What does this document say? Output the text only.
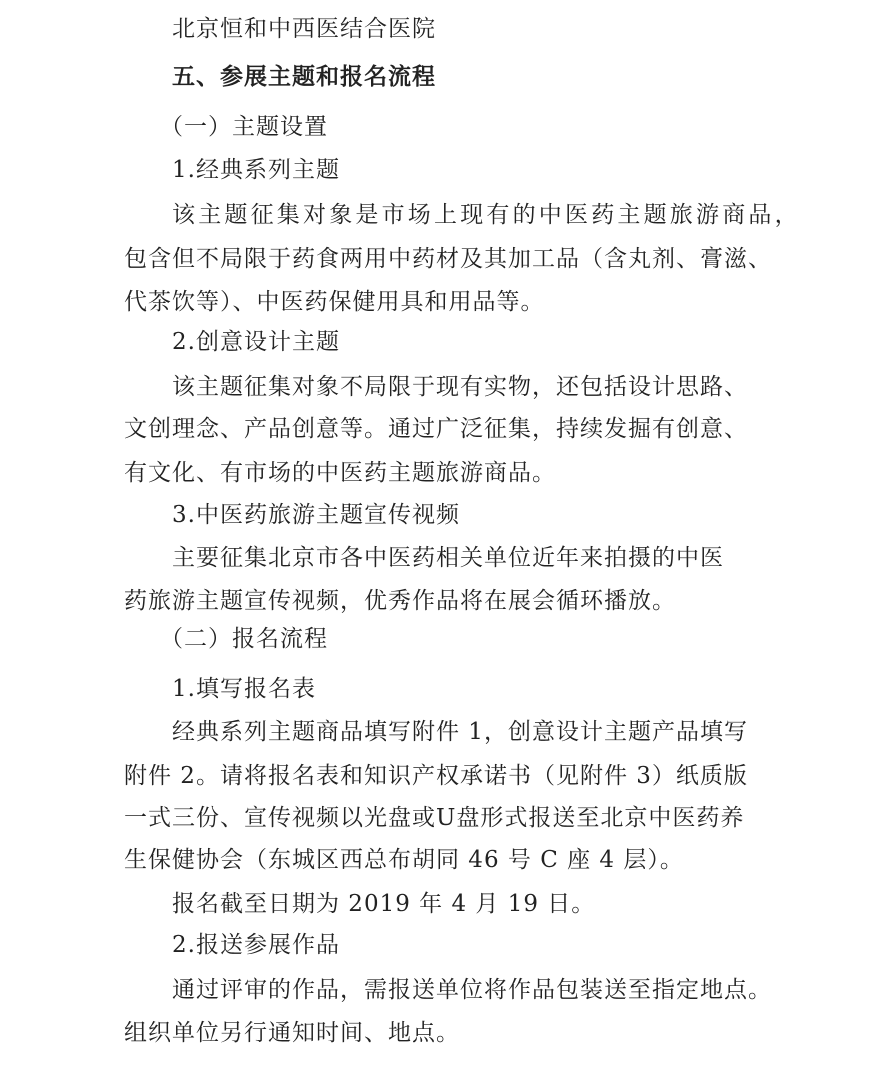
北京恒和中西医结合医院
五、参展主题和报名流程
（一）主题设置
1.经典系列主题
该主题征集对象是市场上现有的中医药主题旅游商品，
包含但不局限于药食两用中药材及其加工品（含丸剂、膏滋、
代茶饮等）、中医药保健用具和用品等。
2.创意设计主题
该主题征集对象不局限于现有实物，还包括设计思路、
文创理念、产品创意等。通过广泛征集，持续发掘有创意、
有文化、有市场的中医药主题旅游商品。
3.中医药旅游主题宣传视频
主要征集北京市各中医药相关单位近年来拍摄的中医
药旅游主题宣传视频，优秀作品将在展会循环播放。
（二）报名流程
1.填写报名表
经典系列主题商品填写附件 1，创意设计主题产品填写
附件 2。请将报名表和知识产权承诺书（见附件 3）纸质版
一式三份、宣传视频以光盘或U盘形式报送至北京中医药养
生保健协会（东城区西总布胡同 46 号 C 座 4 层）。
报名截至日期为 2019 年 4 月 19 日。
2.报送参展作品
通过评审的作品，需报送单位将作品包装送至指定地点。
组织单位另行通知时间、地点。
